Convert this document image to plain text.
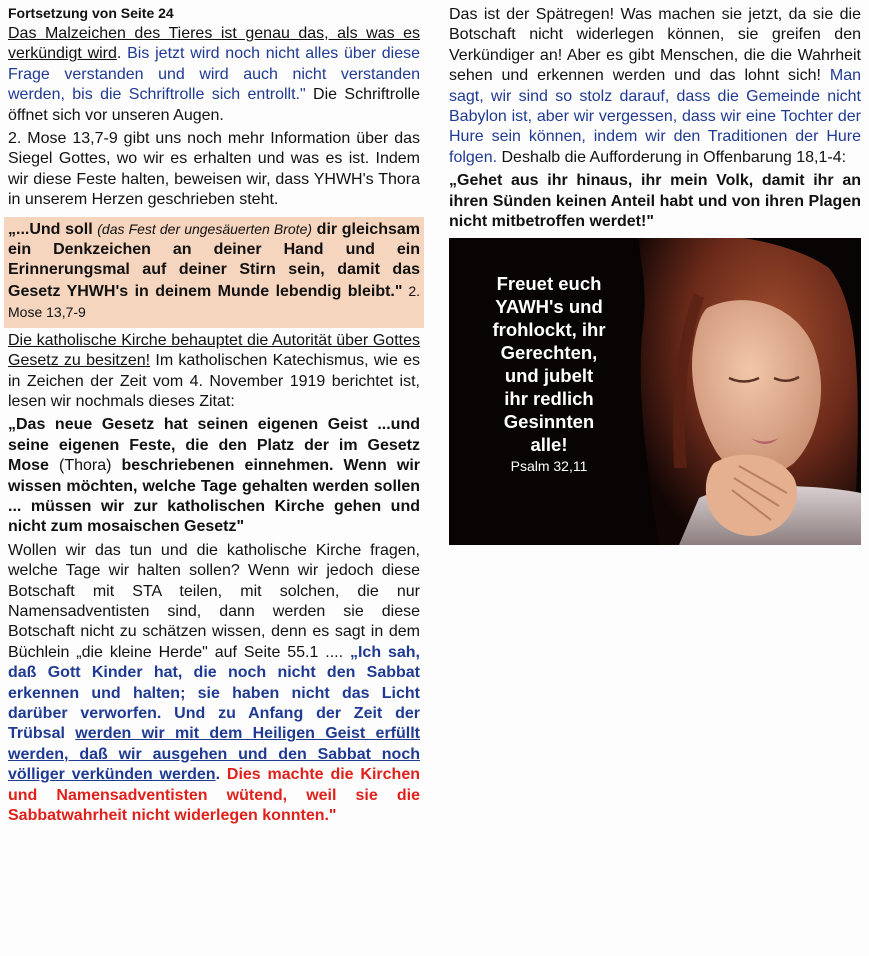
Fortsetzung von Seite 24

Das Malzeichen des Tieres ist genau das, als was es verkündigt wird. Bis jetzt wird noch nicht alles über diese Frage verstanden und wird auch nicht verstanden werden, bis die Schriftrolle sich entrollt." Die Schriftrolle öffnet sich vor unseren Augen.

2. Mose 13,7-9 gibt uns noch mehr Information über das Siegel Gottes, wo wir es erhalten und was es ist. Indem wir diese Feste halten, beweisen wir, dass YHWH's Thora in unserem Herzen geschrieben steht.

„...Und soll (das Fest der ungesäuerten Brote) dir gleichsam ein Denkzeichen an deiner Hand und ein Erinnerungsmal auf deiner Stirn sein, damit das Gesetz YHWH's in deinem Munde lebendig bleibt." 2. Mose 13,7-9

Die katholische Kirche behauptet die Autorität über Gottes Gesetz zu besitzen! Im katholischen Katechismus, wie es in Zeichen der Zeit vom 4. November 1919 berichtet ist, lesen wir nochmals dieses Zitat:

„Das neue Gesetz hat seinen eigenen Geist ...und seine eigenen Feste, die den Platz der im Gesetz Mose (Thora) beschriebenen einnehmen. Wenn wir wissen möchten, welche Tage gehalten werden sollen ... müssen wir zur katholischen Kirche gehen und nicht zum mosaischen Gesetz"

Wollen wir das tun und die katholische Kirche fragen, welche Tage wir halten sollen? Wenn wir jedoch diese Botschaft mit STA teilen, mit solchen, die nur Namensadventisten sind, dann werden sie diese Botschaft nicht zu schätzen wissen, denn es sagt in dem Büchlein „die kleine Herde" auf Seite 55.1 .... „Ich sah, daß Gott Kinder hat, die noch nicht den Sabbat erkennen und halten; sie haben nicht das Licht darüber verworfen. Und zu Anfang der Zeit der Trübsal werden wir mit dem Heiligen Geist erfüllt werden, daß wir ausgehen und den Sabbat noch völliger verkünden werden. Dies machte die Kirchen und Namensadventisten wütend, weil sie die Sabbatwahrheit nicht widerlegen konnten."

Das ist der Spätregen! Was machen sie jetzt, da sie die Botschaft nicht widerlegen können, sie greifen den Verkündiger an! Aber es gibt Menschen, die die Wahrheit sehen und erkennen werden und das lohnt sich! Man sagt, wir sind so stolz darauf, dass die Gemeinde nicht Babylon ist, aber wir vergessen, dass wir eine Tochter der Hure sein können, indem wir den Traditionen der Hure folgen. Deshalb die Aufforderung in Offenbarung 18,1-4:

„Gehet aus ihr hinaus, ihr mein Volk, damit ihr an ihren Sünden keinen Anteil habt und von ihren Plagen nicht mitbetroffen werdet!"

Freuet euch
YAWH's und
frohlockt, ihr
Gerechten,
und jubelt
ihr redlich
Gesinnten
alle!
Psalm 32,11
